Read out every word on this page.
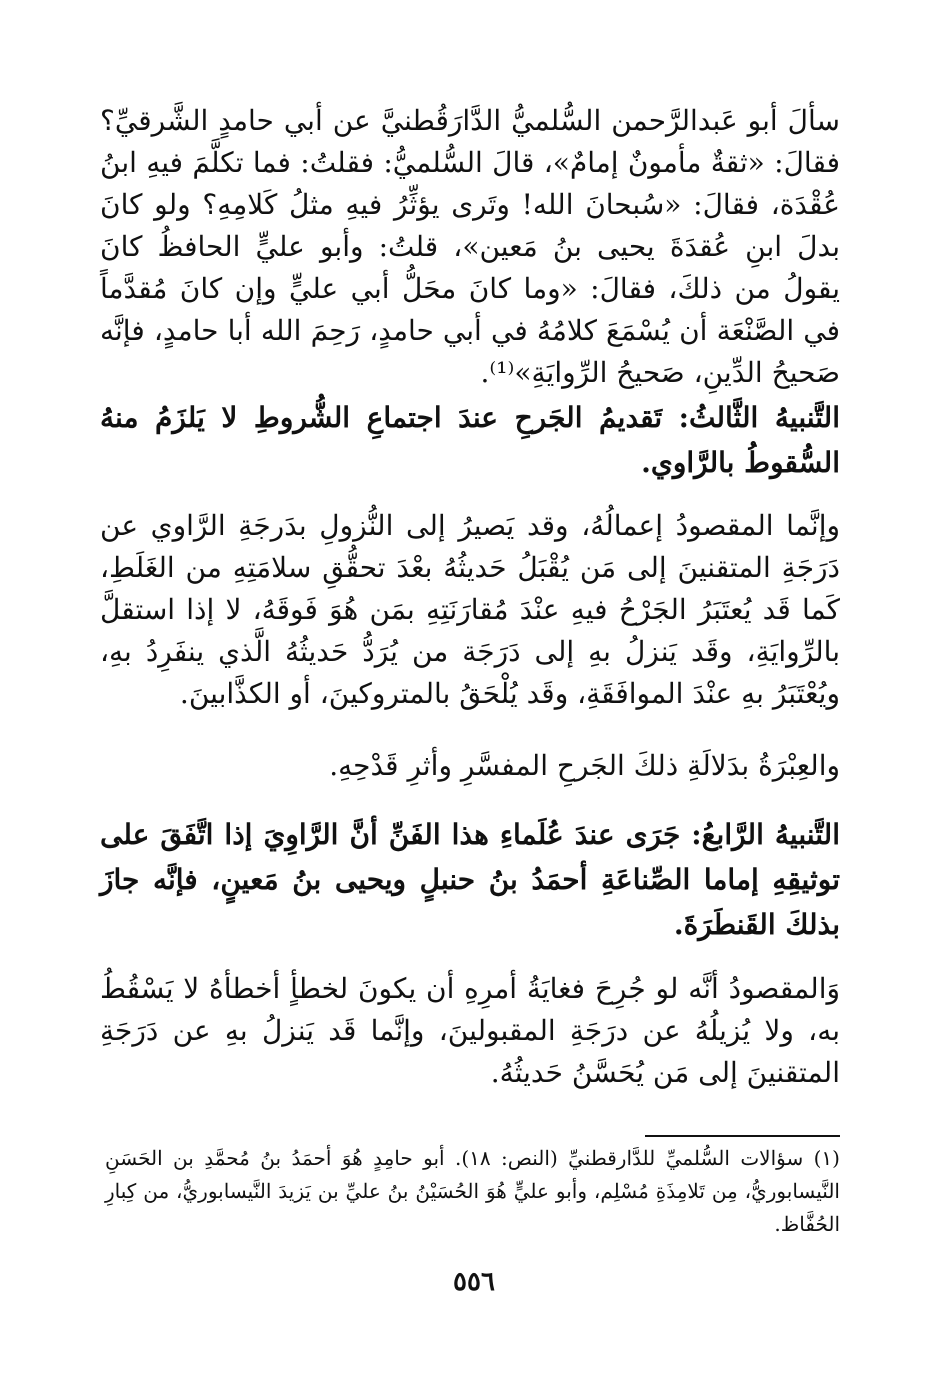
سألَ أبو عَبدالرَّحمن السُّلميُّ الدَّارَقُطنيَّ عن أبي حامدٍ الشَّرقيِّ؟ فقالَ: «ثقةٌ مأمونٌ إمامٌ»، قالَ السُّلميُّ: فقلتُ: فما تكلَّمَ فيهِ ابنُ عُقْدَة، فقالَ: «سُبحانَ الله! وتَرى يؤثِّرُ فيهِ مثلُ كَلامِهِ؟ ولو كانَ بدلَ ابنِ عُقدَةَ يحيى بنُ مَعين»، قلتُ: وأبو عليٍّ الحافظُ كانَ يقولُ من ذلكَ، فقالَ: «وما كانَ محَلُّ أبي عليٍّ وإن كانَ مُقدَّماً في الصَّنْعَة أن يُسْمَعَ كلامُهُ في أبي حامدٍ، رَحِمَ الله أبا حامدٍ، فإنَّه صَحيحُ الدِّينِ، صَحيحُ الرِّوايَةِ»⁽¹⁾.

التَّنبيهُ الثَّالثُ: تَقديمُ الجَرحِ عندَ اجتماعِ الشُّروطِ لا يَلزَمُ منهُ السُّقوطُ بالرَّاوي.

وإنَّما المقصودُ إعمالُهُ، وقد يَصيرُ إلى النُّزولِ بدَرجَةِ الرَّاوي عن دَرَجَةِ المتقنينَ إلى مَن يُقْبَلُ حَديثُهُ بعْدَ تحقُّقِ سلامَتِهِ من الغَلَطِ، كَما قَد يُعتَبَرُ الجَرْحُ فيهِ عنْدَ مُقارَنَتِهِ بمَن هُوَ فَوقَهُ، لا إذا استقلَّ بالرِّوايَةِ، وقَد يَنزلُ بهِ إلى دَرَجَة من يُرَدُّ حَديثُهُ الَّذي ينفَرِدُ بهِ، ويُعْتَبَرُ بهِ عنْدَ الموافَقَةِ، وقَد يُلْحَقُ بالمتروكينَ، أو الكذَّابينَ.

والعِبْرَةُ بدَلالَةِ ذلكَ الجَرحِ المفسَّرِ وأثرِ قَدْحِهِ.

التَّنبيهُ الرَّابعُ: جَرَى عندَ عُلَماءِ هذا الفَنِّ أنَّ الرَّاوِيَ إذا اتَّفَقَ على توثيقِهِ إماما الصِّناعَةِ أحمَدُ بنُ حنبلٍ ويحيى بنُ مَعينٍ، فإنَّه جازَ بذلكَ القَنطَرَةَ.

وَالمقصودُ أنَّه لو جُرِحَ فغايَةُ أمرِهِ أن يكونَ لخطأٍ أخطأهُ لا يَسْقُطُ به، ولا يُزيلُهُ عن درَجَةِ المقبولينَ، وإنَّما قَد يَنزلُ بهِ عن دَرَجَةِ المتقنينَ إلى مَن يُحَسَّنُ حَديثُهُ.

(١) سؤالات السُّلميِّ للدَّارقطنيِّ (النص: ١٨). أبو حامِدٍ هُوَ أحمَدُ بنُ مُحمَّدِ بن الحَسَنِ النَّيسابوريُّ، مِن تَلامِذَةِ مُسْلِم، وأبو عليٍّ هُوَ الحُسَيْنُ بنُ عليِّ بن يَزيدَ النَّيسابوريُّ، من كِبارِ الحُفَّاظ.

٥٥٦
